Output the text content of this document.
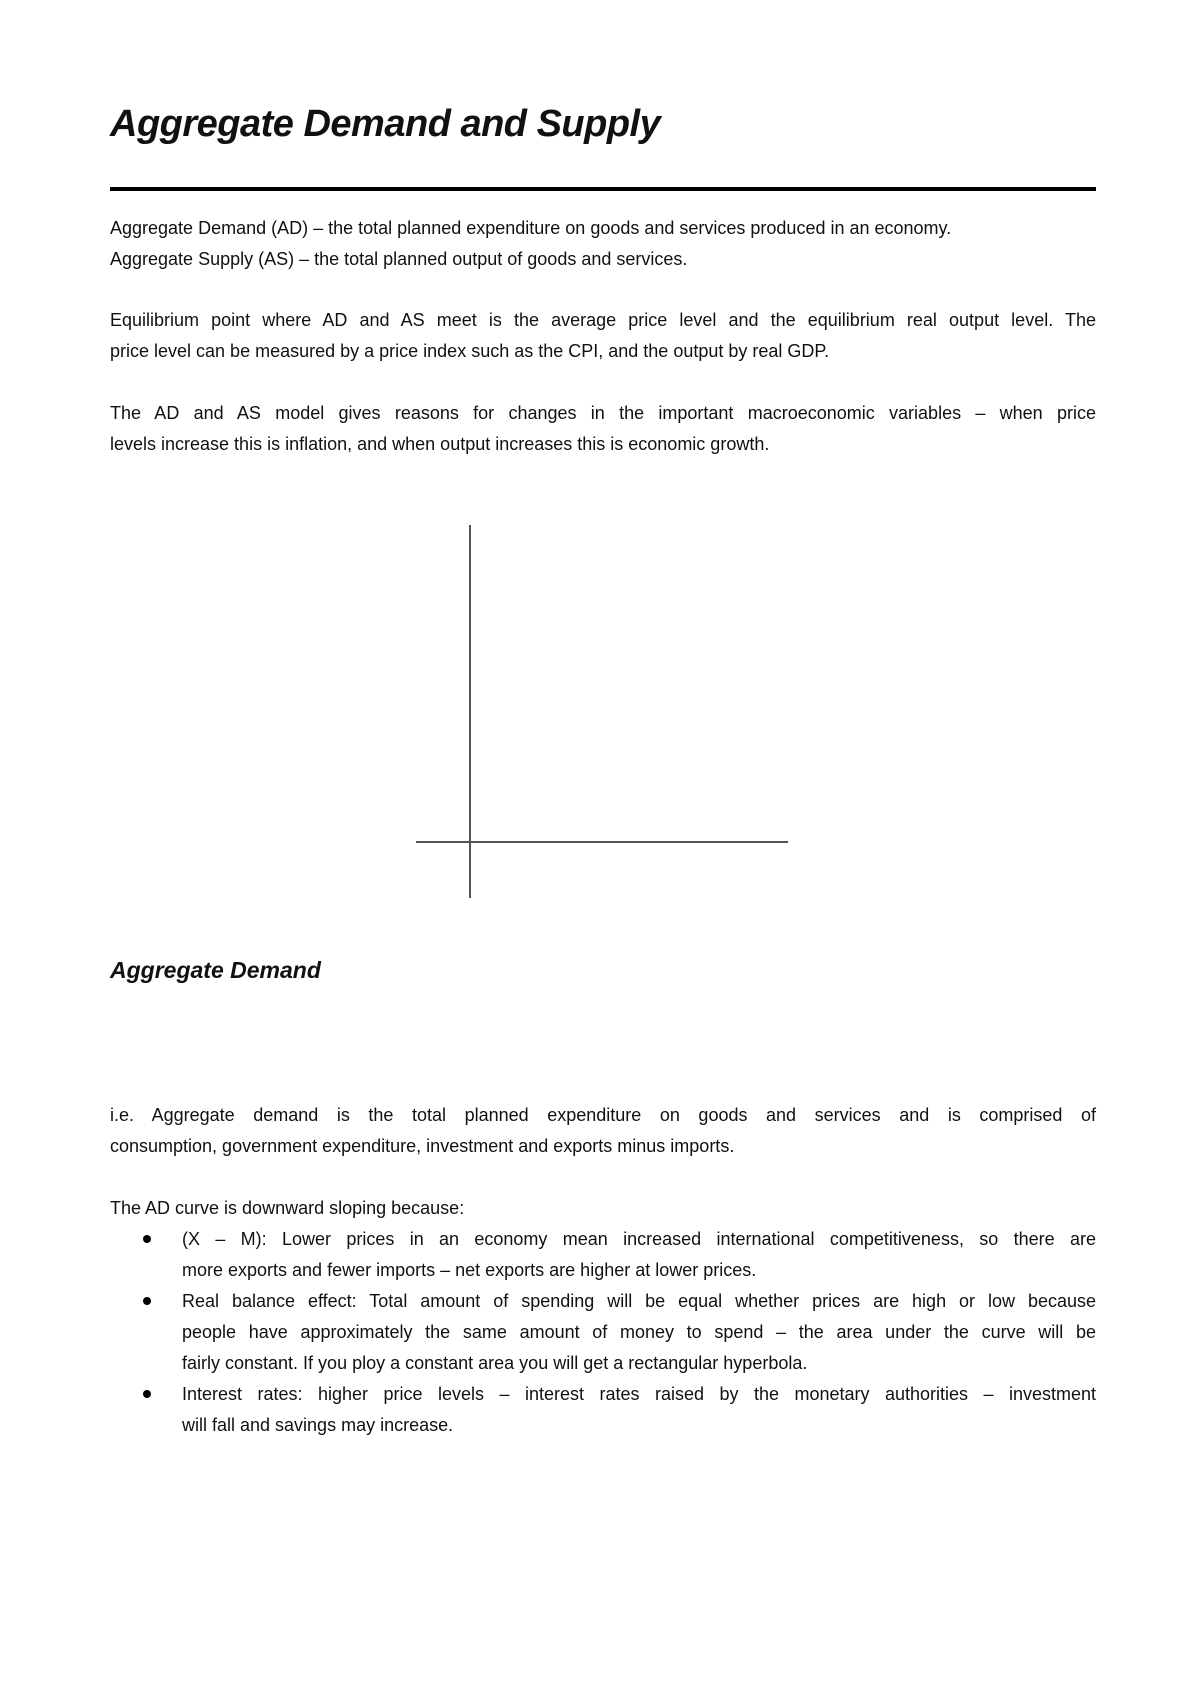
Aggregate Demand and Supply

Aggregate Demand (AD) – the total planned expenditure on goods and services produced in an economy.
Aggregate Supply (AS) – the total planned output of goods and services.

Equilibrium point where AD and AS meet is the average price level and the equilibrium real output level. The
price level can be measured by a price index such as the CPI, and the output by real GDP.

The AD and AS model gives reasons for changes in the important macroeconomic variables – when price
levels increase this is inflation, and when output increases this is economic growth.

Aggregate Demand

i.e. Aggregate demand is the total planned expenditure on goods and services and is comprised of
consumption, government expenditure, investment and exports minus imports.

The AD curve is downward sloping because:

(X – M): Lower prices in an economy mean increased international competitiveness, so there are
more exports and fewer imports – net exports are higher at lower prices.
Real balance effect: Total amount of spending will be equal whether prices are high or low because
people have approximately the same amount of money to spend – the area under the curve will be
fairly constant. If you ploy a constant area you will get a rectangular hyperbola.
Interest rates: higher price levels – interest rates raised by the monetary authorities – investment
will fall and savings may increase.
